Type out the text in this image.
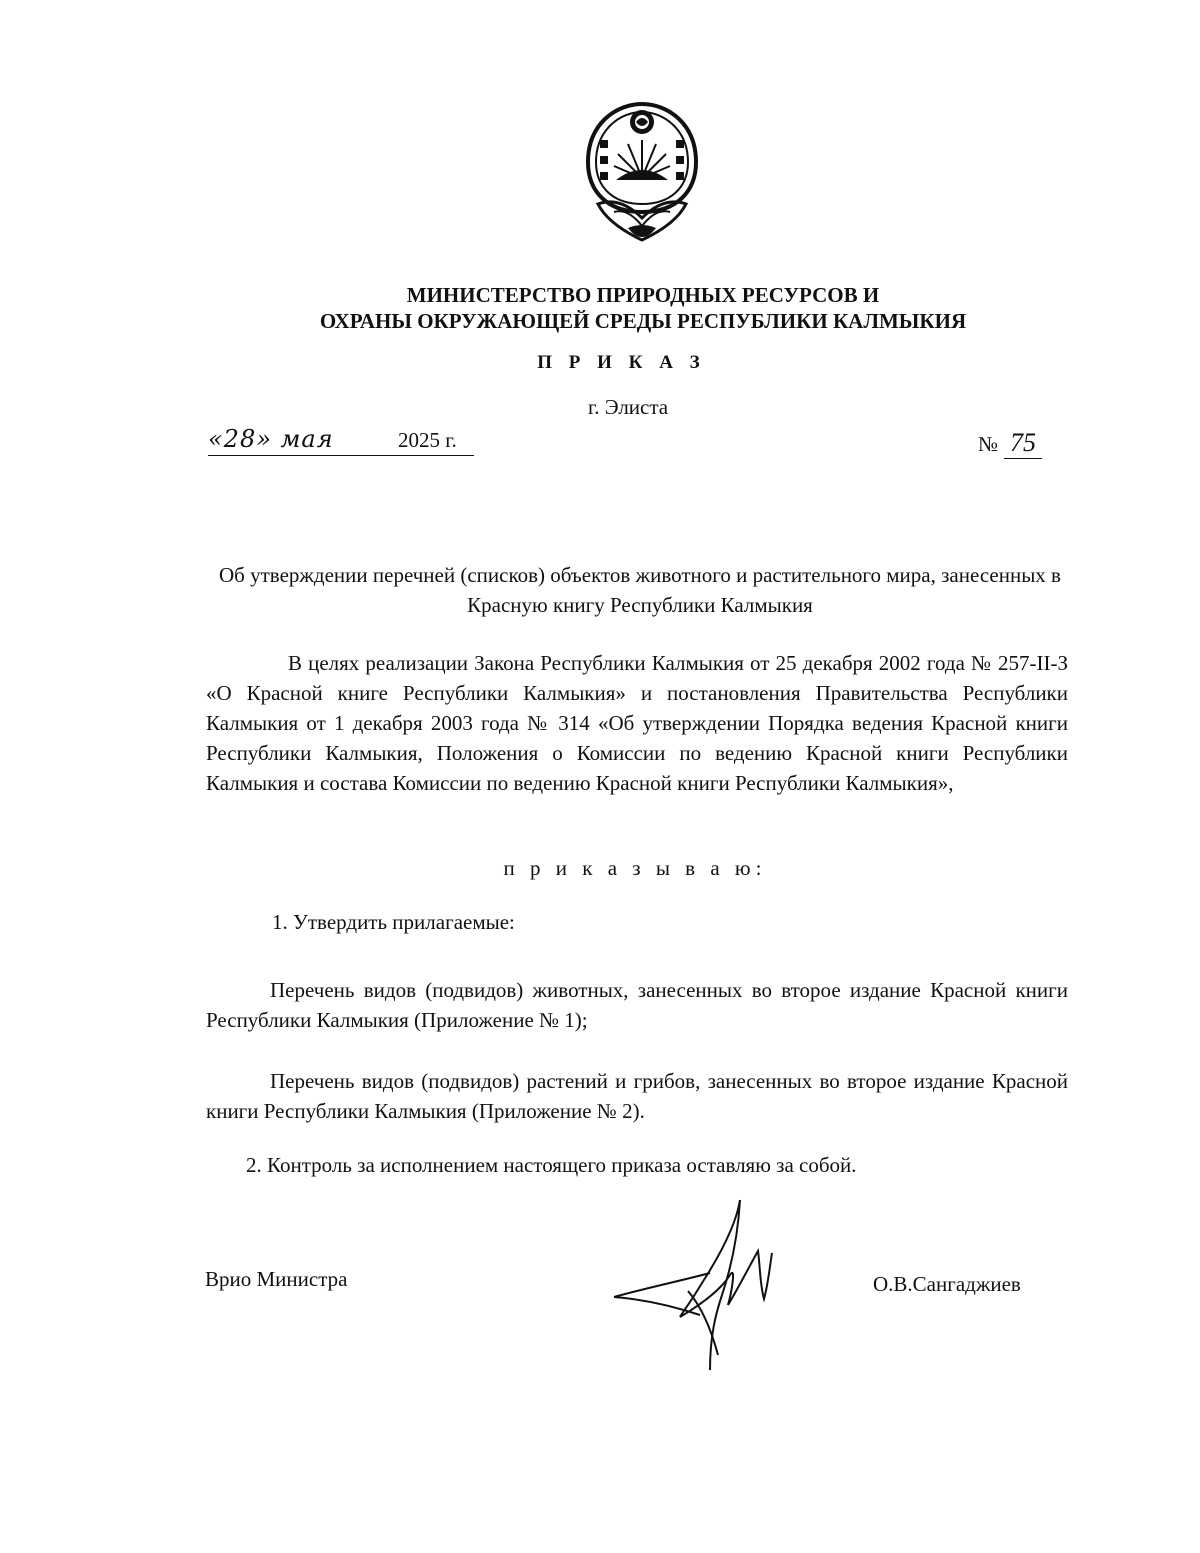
МИНИСТЕРСТВО ПРИРОДНЫХ РЕСУРСОВ И
ОХРАНЫ ОКРУЖАЮЩЕЙ СРЕДЫ РЕСПУБЛИКИ КАЛМЫКИЯ
П Р И К А З
г. Элиста
«28» мая	2025 г.	№ 75
Об утверждении перечней (списков) объектов животного и растительного мира, занесенных в Красную книгу Республики Калмыкия
В целях реализации Закона Республики Калмыкия от 25 декабря 2002 года № 257-II-З «О Красной книге Республики Калмыкия» и постановления Правительства Республики Калмыкия от 1 декабря 2003 года № 314 «Об утверждении Порядка ведения Красной книги Республики Калмыкия, Положения о Комиссии по ведению Красной книги Республики Калмыкия и состава Комиссии по ведению Красной книги Республики Калмыкия»,
п р и к а з ы в а ю:
1. Утвердить прилагаемые:
Перечень видов (подвидов) животных, занесенных во второе издание Красной книги Республики Калмыкия (Приложение № 1);
Перечень видов (подвидов) растений и грибов, занесенных во второе издание Красной книги Республики Калмыкия (Приложение № 2).
2. Контроль за исполнением настоящего приказа оставляю за собой.
Врио Министра	О.В.Сангаджиев
